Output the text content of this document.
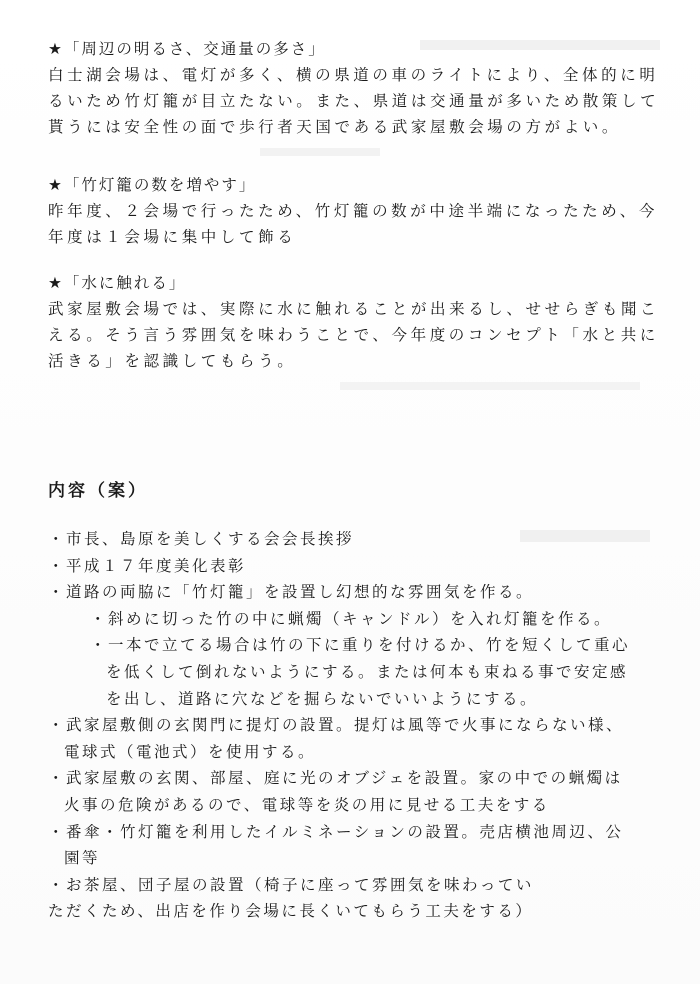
★「周辺の明るさ、交通量の多さ」
白士湖会場は、電灯が多く、横の県道の車のライトにより、全体的に明
るいため竹灯籠が目立たない。また、県道は交通量が多いため散策して
貰うには安全性の面で歩行者天国である武家屋敷会場の方がよい。
★「竹灯籠の数を増やす」
昨年度、２会場で行ったため、竹灯籠の数が中途半端になったため、今
年度は１会場に集中して飾る
★「水に触れる」
武家屋敷会場では、実際に水に触れることが出来るし、せせらぎも聞こ
える。そう言う雰囲気を味わうことで、今年度のコンセプト「水と共に
活きる」を認識してもらう。
内容（案）
・市長、島原を美しくする会会長挨拶
・平成１７年度美化表彰
・道路の両脇に「竹灯籠」を設置し幻想的な雰囲気を作る。
・斜めに切った竹の中に蝋燭（キャンドル）を入れ灯籠を作る。
・一本で立てる場合は竹の下に重りを付けるか、竹を短くして重心
を低くして倒れないようにする。または何本も束ねる事で安定感
を出し、道路に穴などを掘らないでいいようにする。
・武家屋敷側の玄関門に提灯の設置。提灯は風等で火事にならない様、
電球式（電池式）を使用する。
・武家屋敷の玄関、部屋、庭に光のオブジェを設置。家の中での蝋燭は
火事の危険があるので、電球等を炎の用に見せる工夫をする
・番傘・竹灯籠を利用したイルミネーションの設置。売店横池周辺、公
園等
・お茶屋、団子屋の設置（椅子に座って雰囲気を味わってい
ただくため、出店を作り会場に長くいてもらう工夫をする）
